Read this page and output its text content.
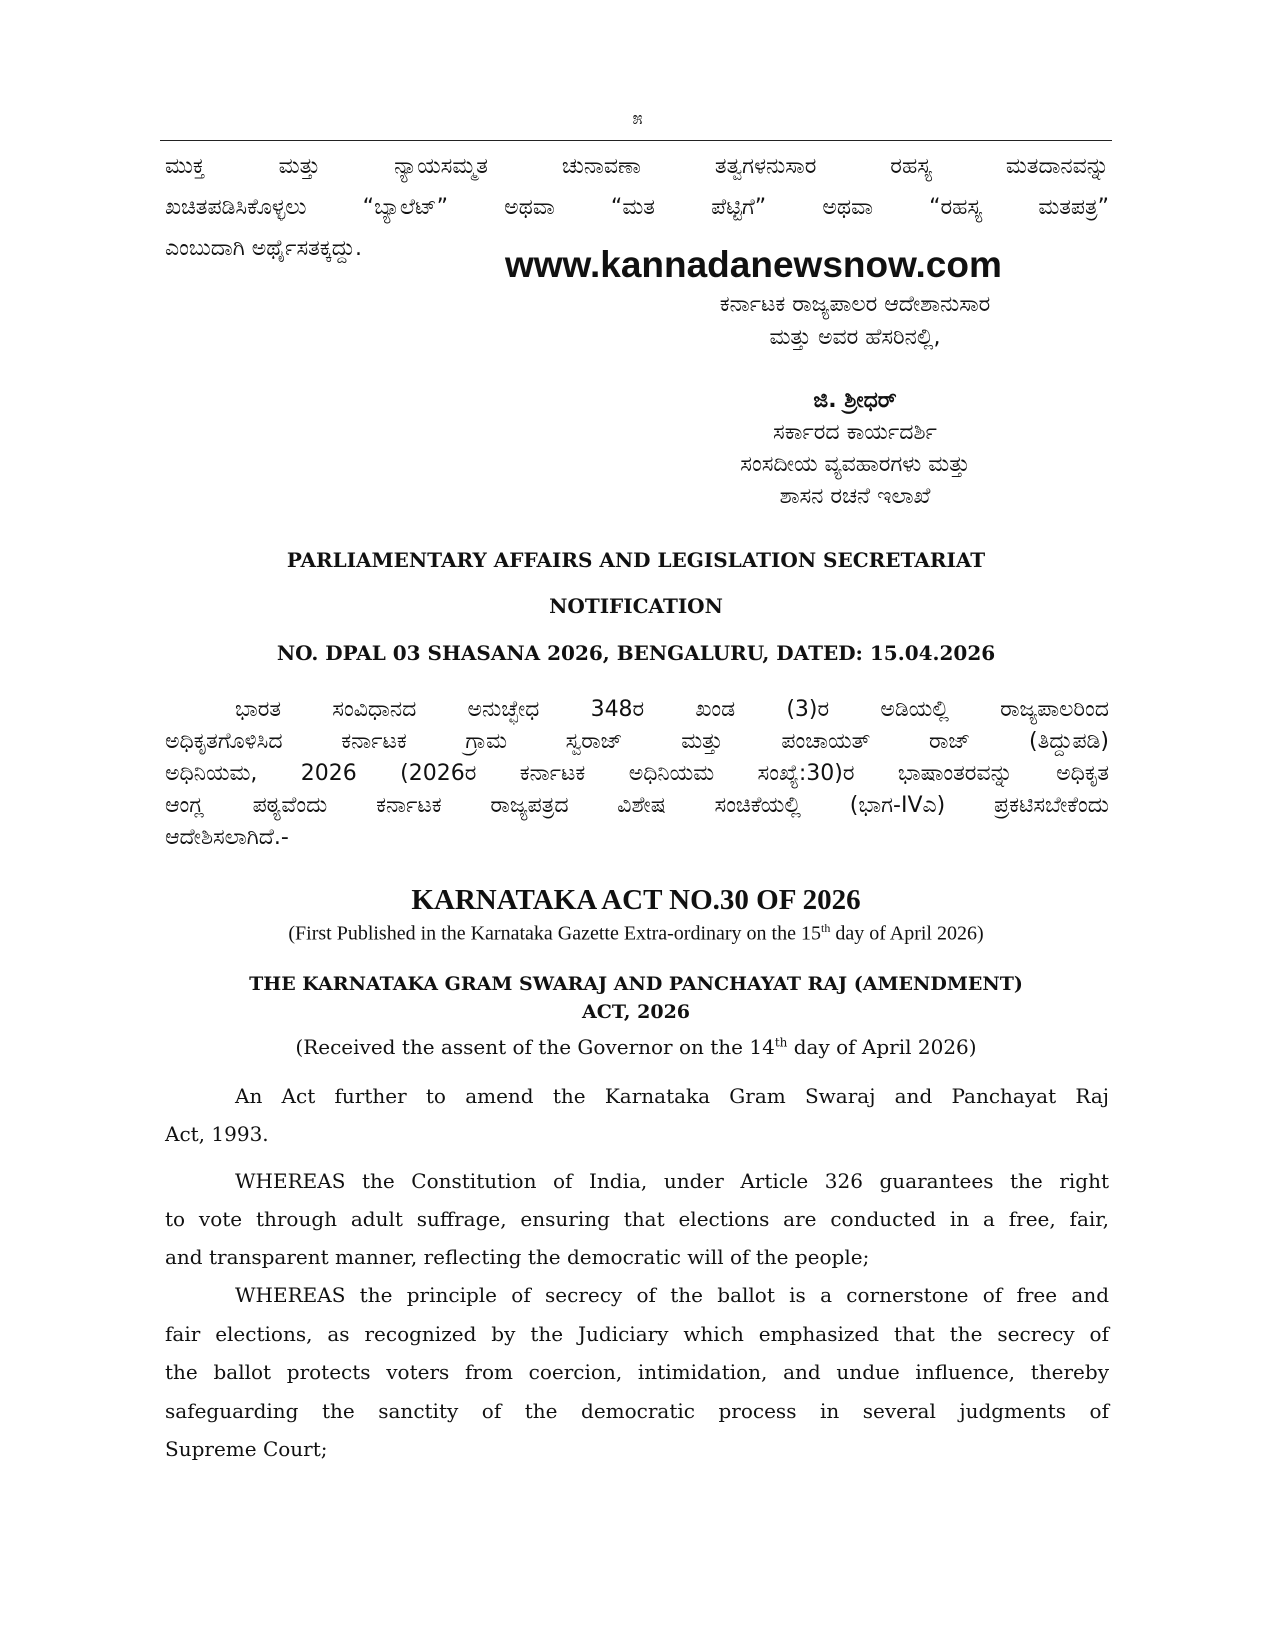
೫
ಮುಕ್ತ ಮತ್ತು ನ್ಯಾಯಸಮ್ಮತ ಚುನಾವಣಾ ತತ್ವಗಳನುಸಾರ ರಹಸ್ಯ ಮತದಾನವನ್ನು
ಖಚಿತಪಡಿಸಿಕೊಳ್ಳಲು “ಬ್ಯಾಲೆಟ್” ಅಥವಾ “ಮತ ಪೆಟ್ಟಿಗೆ” ಅಥವಾ “ರಹಸ್ಯ ಮತಪತ್ರ”
ಎಂಬುದಾಗಿ ಅರ್ಥೈಸತಕ್ಕದ್ದು.	www.kannadanewsnow.com
ಕರ್ನಾಟಕ ರಾಜ್ಯಪಾಲರ ಆದೇಶಾನುಸಾರ
ಮತ್ತು ಅವರ ಹೆಸರಿನಲ್ಲಿ,
ಜಿ. ಶ್ರೀಧರ್
ಸರ್ಕಾರದ ಕಾರ್ಯದರ್ಶಿ
ಸಂಸದೀಯ ವ್ಯವಹಾರಗಳು ಮತ್ತು
ಶಾಸನ ರಚನೆ ಇಲಾಖೆ
PARLIAMENTARY AFFAIRS AND LEGISLATION SECRETARIAT
NOTIFICATION
NO. DPAL 03 SHASANA 2026, BENGALURU, DATED: 15.04.2026
ಭಾರತ ಸಂವಿಧಾನದ ಅನುಚ್ಛೇಧ 348ರ ಖಂಡ (3)ರ ಅಡಿಯಲ್ಲಿ ರಾಜ್ಯಪಾಲರಿಂದ
ಅಧಿಕೃತಗೊಳಿಸಿದ ಕರ್ನಾಟಕ ಗ್ರಾಮ ಸ್ವರಾಜ್ ಮತ್ತು ಪಂಚಾಯತ್ ರಾಜ್ (ತಿದ್ದುಪಡಿ)
ಅಧಿನಿಯಮ, 2026 (2026ರ ಕರ್ನಾಟಕ ಅಧಿನಿಯಮ ಸಂಖ್ಯೆ:30)ರ ಭಾಷಾಂತರವನ್ನು ಅಧಿಕೃತ
ಆಂಗ್ಲ ಪಠ್ಯವೆಂದು ಕರ್ನಾಟಕ ರಾಜ್ಯಪತ್ರದ ವಿಶೇಷ ಸಂಚಿಕೆಯಲ್ಲಿ (ಭಾಗ-IVಎ) ಪ್ರಕಟಿಸಬೇಕೆಂದು
ಆದೇಶಿಸಲಾಗಿದೆ.-
KARNATAKA ACT NO.30 OF 2026
(First Published in the Karnataka Gazette Extra-ordinary on the 15th day of April 2026)
THE KARNATAKA GRAM SWARAJ AND PANCHAYAT RAJ (AMENDMENT)
ACT, 2026
(Received the assent of the Governor on the 14th day of April 2026)
An Act further to amend the Karnataka Gram Swaraj and Panchayat Raj
Act, 1993.
WHEREAS the Constitution of India, under Article 326 guarantees the right
to vote through adult suffrage, ensuring that elections are conducted in a free, fair,
and transparent manner, reflecting the democratic will of the people;
WHEREAS the principle of secrecy of the ballot is a cornerstone of free and
fair elections, as recognized by the Judiciary which emphasized that the secrecy of
the ballot protects voters from coercion, intimidation, and undue influence, thereby
safeguarding the sanctity of the democratic process in several judgments of
Supreme Court;
